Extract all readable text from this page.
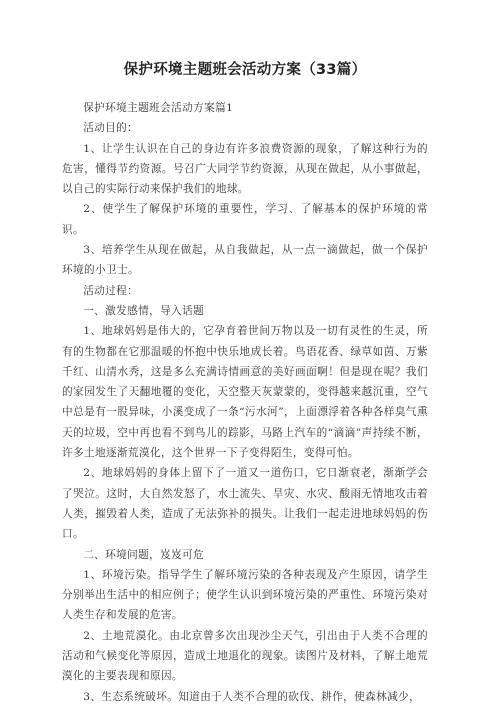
保护环境主题班会活动方案（33篇）

保护环境主题班会活动方案篇1

活动目的：

1、让学生认识在自己的身边有许多浪费资源的现象，了解这种行为的危害，懂得节约资源。号召广大同学节约资源，从现在做起，从小事做起，以自己的实际行动来保护我们的地球。

2、使学生了解保护环境的重要性，学习、了解基本的保护环境的常识。

3、培养学生从现在做起，从自我做起，从一点一滴做起，做一个保护环境的小卫士。

活动过程：

一、激发感情，导入话题

1、地球妈妈是伟大的，它孕育着世间万物以及一切有灵性的生灵，所有的生物都在它那温暖的怀抱中快乐地成长着。鸟语花香、绿草如茵、万紫千红、山清水秀，这是多么充满诗情画意的美好画面啊！但是现在呢？我们的家园发生了天翻地覆的变化，天空整天灰蒙蒙的，变得越来越沉重，空气中总是有一股异味，小溪变成了一条“污水河”，上面漂浮着各种各样臭气熏天的垃圾，空中再也看不到鸟儿的踪影，马路上汽车的“滴滴”声持续不断，许多土地逐渐荒漠化，这个世界一下子变得陌生，变得可怕。

2、地球妈妈的身体上留下了一道又一道伤口，它日渐衰老，渐渐学会了哭泣。这时，大自然发怒了，水土流失、旱灾、水灾、酸雨无情地攻击着人类，摧毁着人类，造成了无法弥补的损失。让我们一起走进地球妈妈的伤口。

二、环境问题，岌岌可危

1、环境污染。指导学生了解环境污染的各种表现及产生原因，请学生分别举出生活中的相应例子；使学生认识到环境污染的严重性、环境污染对人类生存和发展的危害。

2、土地荒漠化。由北京曾多次出现沙尘天气，引出由于人类不合理的活动和气候变化等原因，造成土地退化的现象。读图片及材料，了解土地荒漠化的主要表现和原因。

3、生态系统破坏。知道由于人类不合理的砍伐、耕作，使森林减少，
